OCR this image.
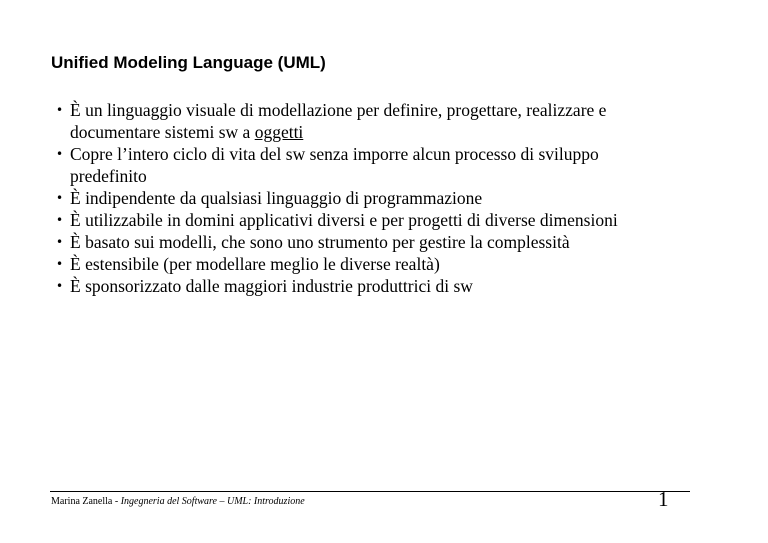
Unified Modeling Language (UML)
• È un linguaggio visuale di modellazione per definire, progettare, realizzare e
documentare sistemi sw a oggetti
• Copre l’intero ciclo di vita del sw senza imporre alcun processo di sviluppo
predefinito
• È indipendente da qualsiasi linguaggio di programmazione
• È utilizzabile in domini applicativi diversi e per progetti di diverse dimensioni
• È basato sui modelli, che sono uno strumento per gestire la complessità
• È estensibile (per modellare meglio le diverse realtà)
• È sponsorizzato dalle maggiori industrie produttrici di sw
Marina Zanella - Ingegneria del Software – UML: Introduzione	1
